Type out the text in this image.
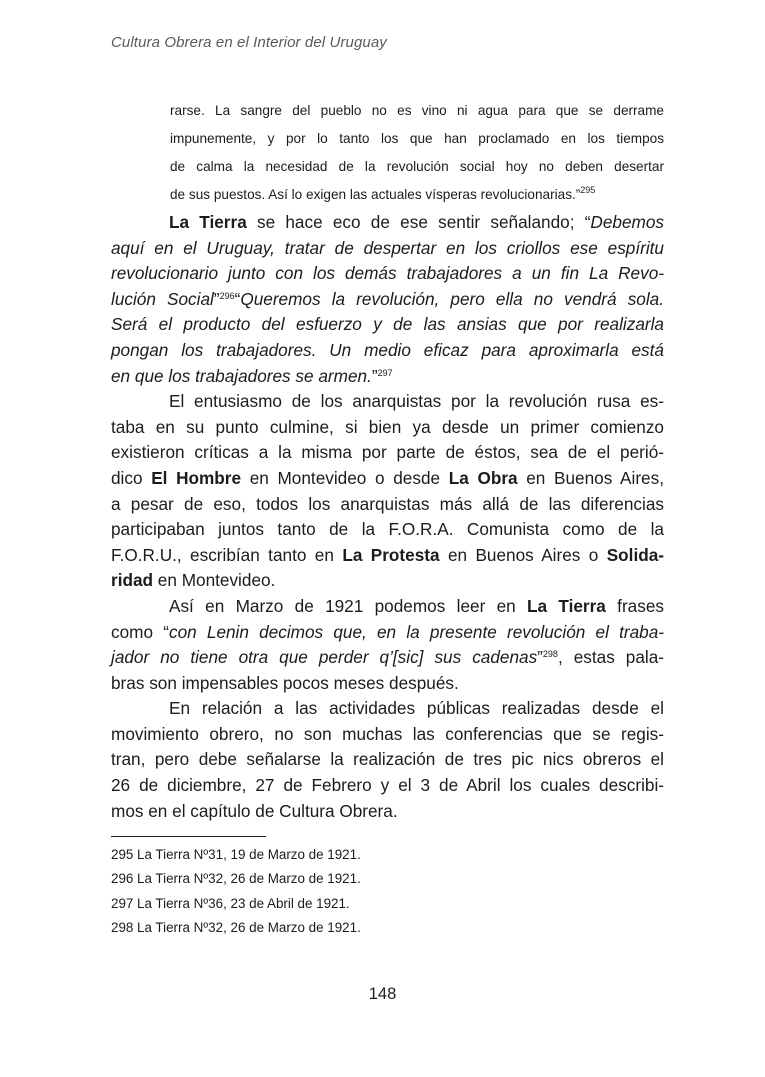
Cultura Obrera en el Interior del Uruguay
rarse. La sangre del pueblo no es vino ni agua para que se derrame
impunemente, y por lo tanto los que han proclamado en los tiempos
de calma la necesidad de la revolución social hoy no deben desertar
de sus puestos. Así lo exigen las actuales vísperas revolucionarias.”$^{295}$
La Tierra se hace eco de ese sentir señalando; “Debemos
aquí en el Uruguay, tratar de despertar en los criollos ese espíritu
revolucionario junto con los demás trabajadores a un fin La Revo-
lución Social”$^{296}$“Queremos la revolución, pero ella no vendrá sola.
Será el producto del esfuerzo y de las ansias que por realizarla
pongan los trabajadores. Un medio eficaz para aproximarla está
en que los trabajadores se armen.”$^{297}$
El entusiasmo de los anarquistas por la revolución rusa es-
taba en su punto culmine, si bien ya desde un primer comienzo
existieron críticas a la misma por parte de éstos, sea de el perió-
dico El Hombre en Montevideo o desde La Obra en Buenos Aires,
a pesar de eso, todos los anarquistas más allá de las diferencias
participaban juntos tanto de la F.O.R.A. Comunista como de la
F.O.R.U., escribían tanto en La Protesta en Buenos Aires o Solida-
ridad en Montevideo.
Así en Marzo de 1921 podemos leer en La Tierra frases
como “con Lenin decimos que, en la presente revolución el traba-
jador no tiene otra que perder q’[sic] sus cadenas”$^{298}$, estas pala-
bras son impensables pocos meses después.
En relación a las actividades públicas realizadas desde el
movimiento obrero, no son muchas las conferencias que se regis-
tran, pero debe señalarse la realización de tres pic nics obreros el
26 de diciembre, 27 de Febrero y el 3 de Abril los cuales describi-
mos en el capítulo de Cultura Obrera.
295 La Tierra Nº31, 19 de Marzo de 1921.
296 La Tierra Nº32, 26 de Marzo de 1921.
297 La Tierra Nº36, 23 de Abril de 1921.
298 La Tierra Nº32, 26 de Marzo de 1921.
148
